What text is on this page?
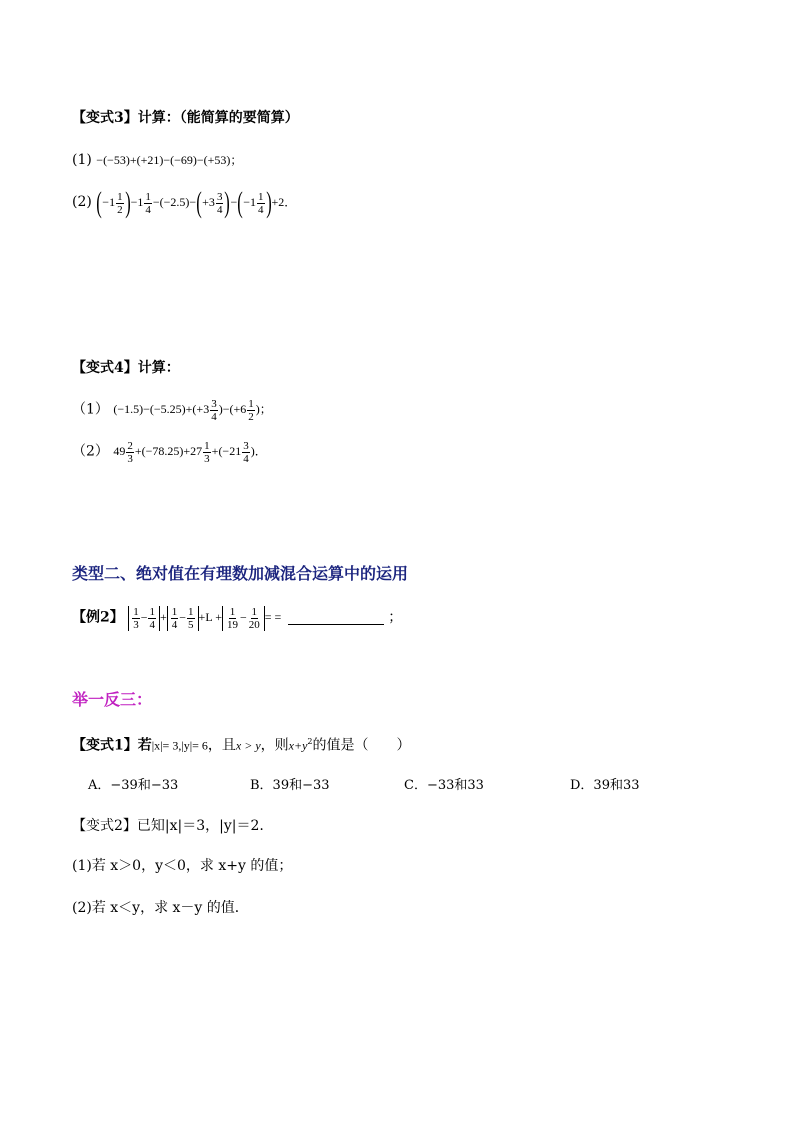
【变式3】计算：（能简算的要简算）
(1) −(−53)+(+21)−(−69)−(+53)；
(2) $(-1 \frac{1}{2} )-1 \frac{1}{4} -(-2.5)-(+3 \frac{3}{4} )-(-1 \frac{1}{4} )+2$．
【变式4】计算：
（1） $(-1.5)-(-5.25)+(+3 \frac{3}{4} )-(+6 \frac{1}{2}$ )；
（2） $49 \frac{2}{3} +(-78.25)+27 \frac{1}{3} +(-21 \frac{3}{4}$ )．
类型二、绝对值在有理数加减混合运算中的运用
【例2】 $\frac{1}{3} - \frac{1}{4} + \frac{1}{4} - \frac{1}{5} +L + \frac{1}{19} - \frac{1}{20}$ = =	；
举一反三：
【变式1】若|x|= 3,|y|= 6，且x > y，则$x+y^2$的值是（　　）
A．−39和−33	B．39和−33	C．−33和33	D．39和33
【变式2】已知|x|＝3，|y|＝2.
(1)若 x＞0，y＜0，求 x+y 的值；
(2)若 x＜y，求 x－y 的值．
